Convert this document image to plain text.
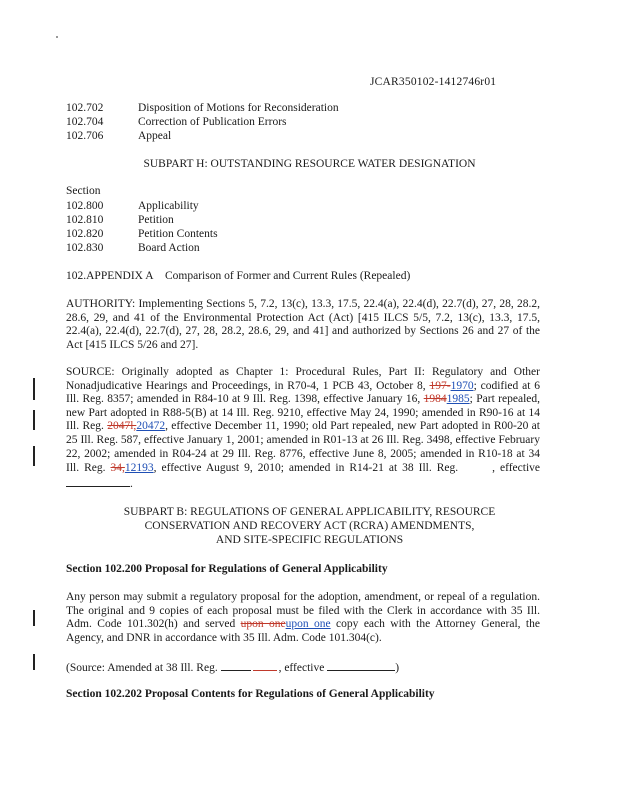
JCAR350102-1412746r01
102.702	Disposition of Motions for Reconsideration
102.704	Correction of Publication Errors
102.706	Appeal
SUBPART H: OUTSTANDING RESOURCE WATER DESIGNATION
Section
102.800	Applicability
102.810	Petition
102.820	Petition Contents
102.830	Board Action
102.APPENDIX A Comparison of Former and Current Rules (Repealed)
AUTHORITY: Implementing Sections 5, 7.2, 13(c), 13.3, 17.5, 22.4(a), 22.4(d), 22.7(d), 27, 28, 28.2, 28.6, 29, and 41 of the Environmental Protection Act (Act) [415 ILCS 5/5, 7.2, 13(c), 13.3, 17.5, 22.4(a), 22.4(d), 22.7(d), 27, 28, 28.2, 28.6, 29, and 41] and authorized by Sections 26 and 27 of the Act [415 ILCS 5/26 and 27].
SOURCE: Originally adopted as Chapter 1: Procedural Rules, Part II: Regulatory and Other Nonadjudicative Hearings and Proceedings, in R70-4, 1 PCB 43, October 8, 197-1970; codified at 6 Ill. Reg. 8357; amended in R84-10 at 9 Ill. Reg. 1398, effective January 16, 19841985; Part repealed, new Part adopted in R88-5(B) at 14 Ill. Reg. 9210, effective May 24, 1990; amended in R90-16 at 14 Ill. Reg. 2047l,20472, effective December 11, 1990; old Part repealed, new Part adopted in R00-20 at 25 Ill. Reg. 587, effective January 1, 2001; amended in R01-13 at 26 Ill. Reg. 3498, effective February 22, 2002; amended in R04-24 at 29 Ill. Reg. 8776, effective June 8, 2005; amended in R10-18 at 34 Ill. Reg. 34,12193, effective August 9, 2010; amended in R14-21 at 38 Ill. Reg.	, effective .
SUBPART B: REGULATIONS OF GENERAL APPLICABILITY, RESOURCE
CONSERVATION AND RECOVERY ACT (RCRA) AMENDMENTS,
AND SITE-SPECIFIC REGULATIONS
Section 102.200 Proposal for Regulations of General Applicability
Any person may submit a regulatory proposal for the adoption, amendment, or repeal of a regulation. The original and 9 copies of each proposal must be filed with the Clerk in accordance with 35 Ill. Adm. Code 101.302(h) and served upon oneupon one copy each with the Attorney General, the Agency, and DNR in accordance with 35 Ill. Adm. Code 101.304(c).
(Source: Amended at 38 Ill. Reg.	, effective	)
Section 102.202 Proposal Contents for Regulations of General Applicability
